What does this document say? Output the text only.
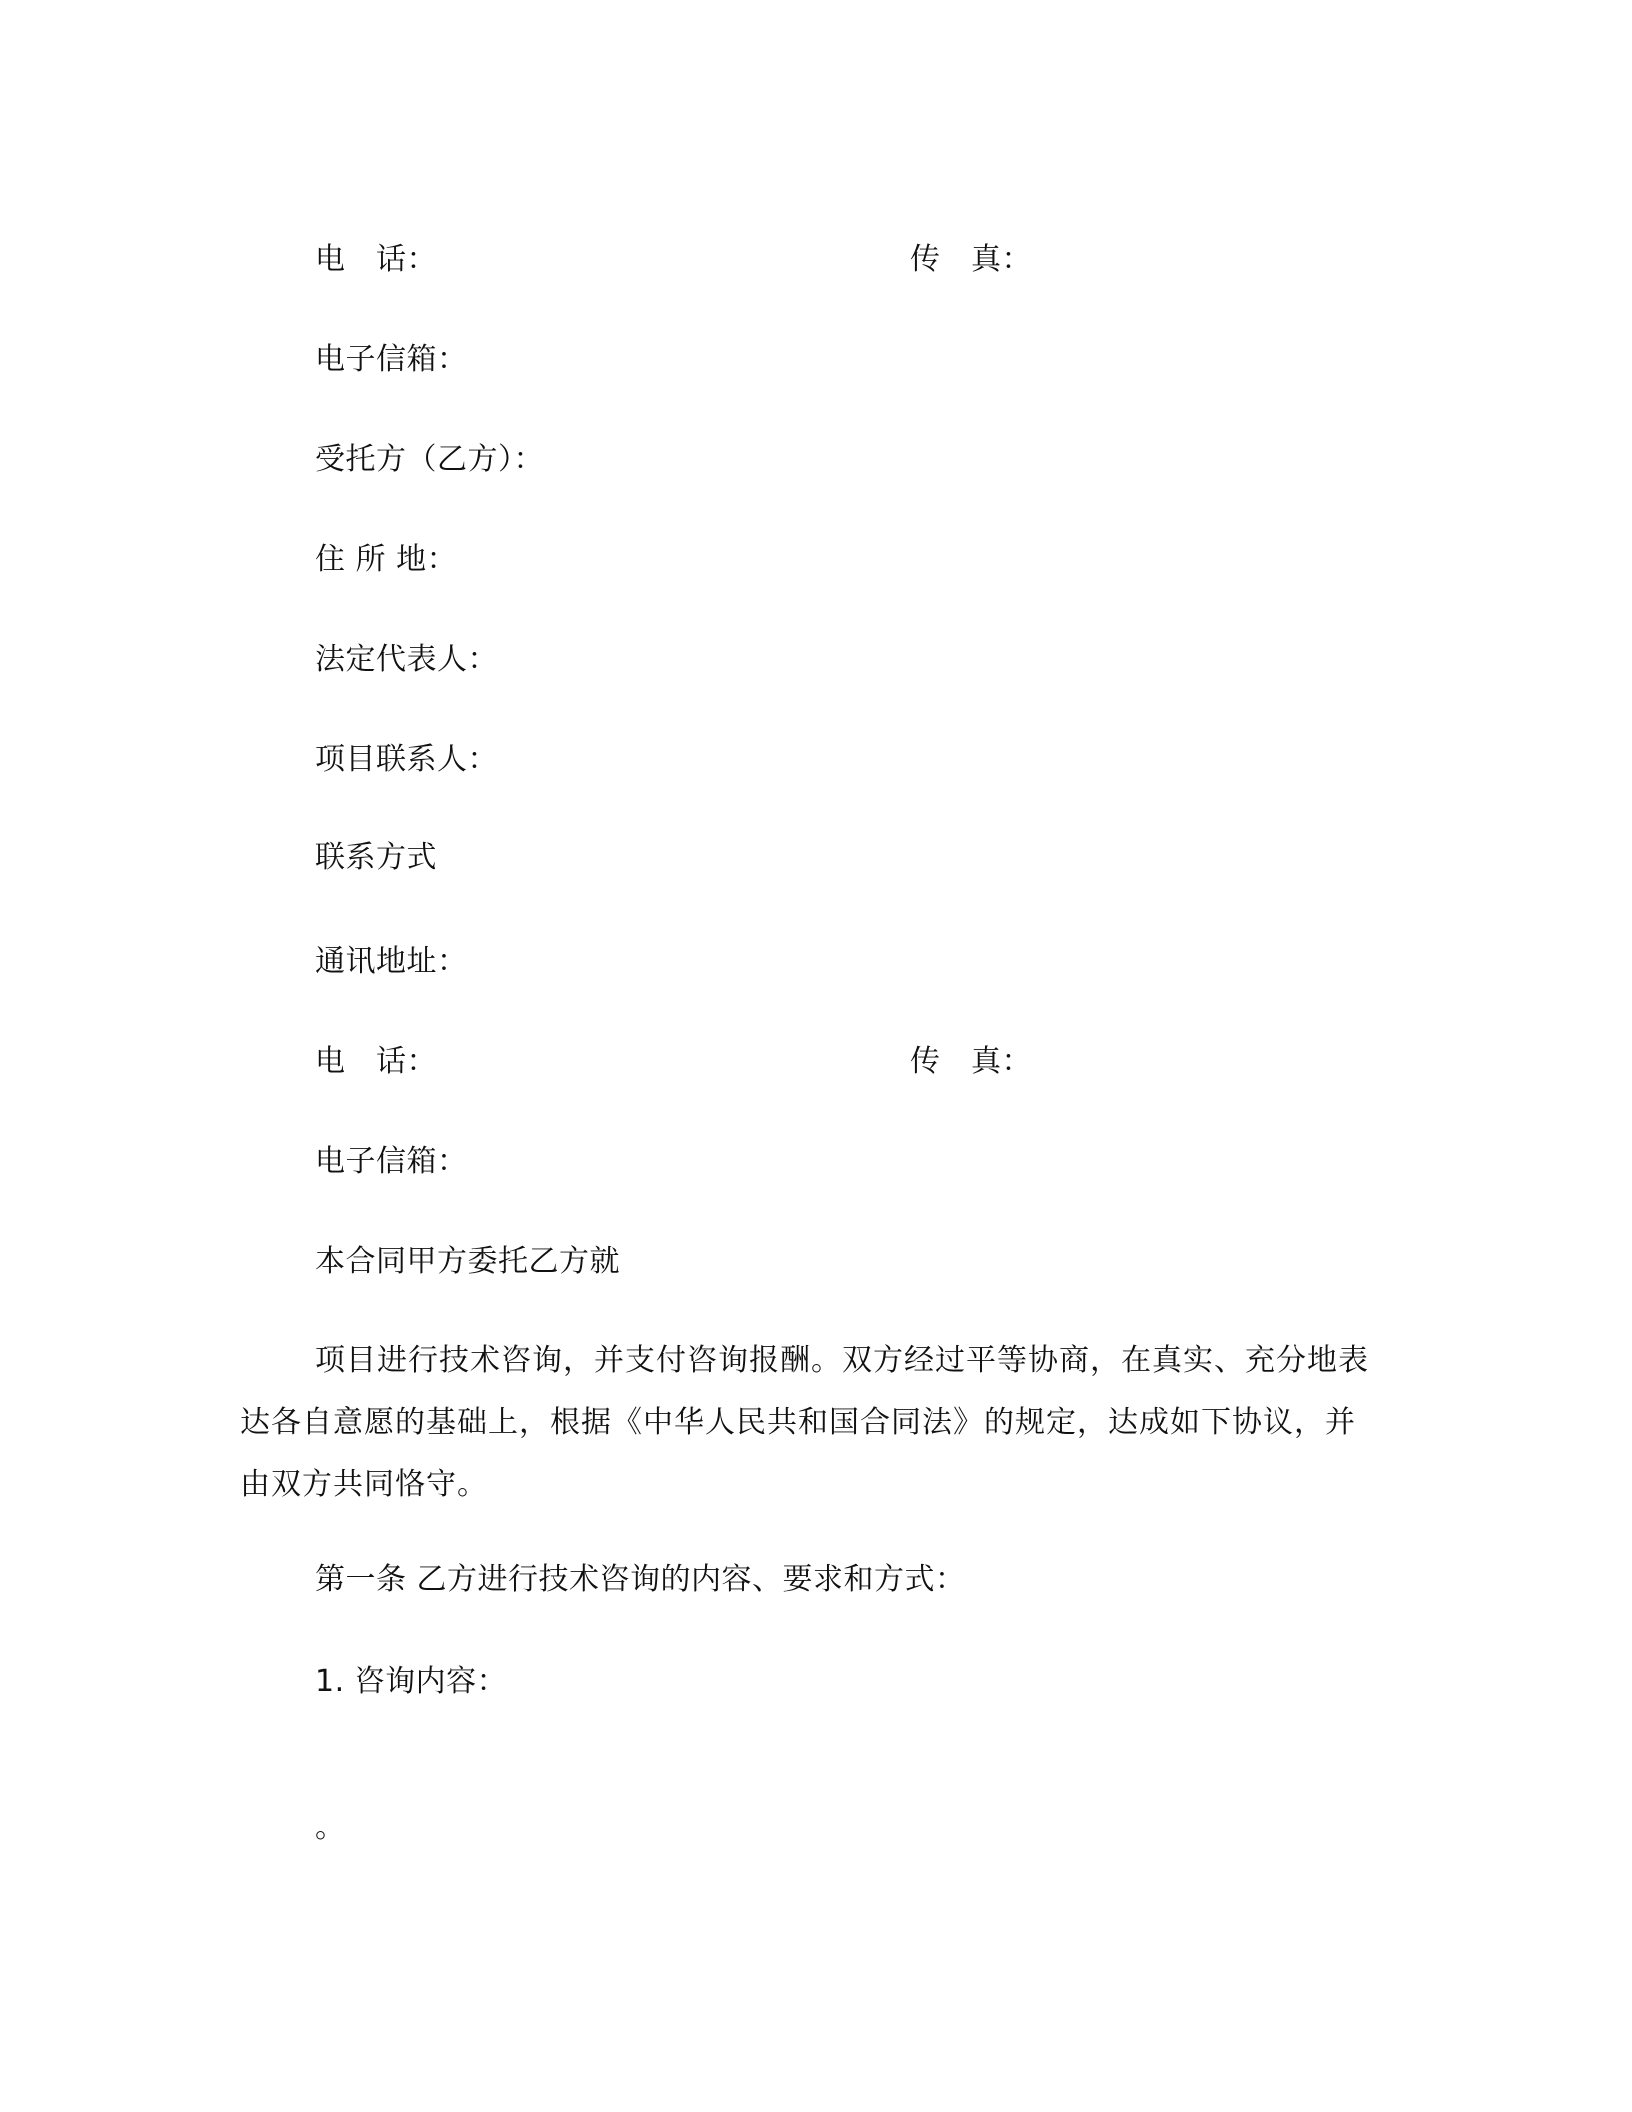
电　话：	传　真：
电子信箱：
受托方（乙方）：
住 所 地：
法定代表人：
项目联系人：
联系方式
通讯地址：
电　话：	传　真：
电子信箱：
本合同甲方委托乙方就
项目进行技术咨询，并支付咨询报酬。双方经过平等协商，在真实、充分地表达各自意愿的基础上，根据《中华人民共和国合同法》的规定，达成如下协议，并由双方共同恪守。
第一条 乙方进行技术咨询的内容、要求和方式：
1. 咨询内容：
。
